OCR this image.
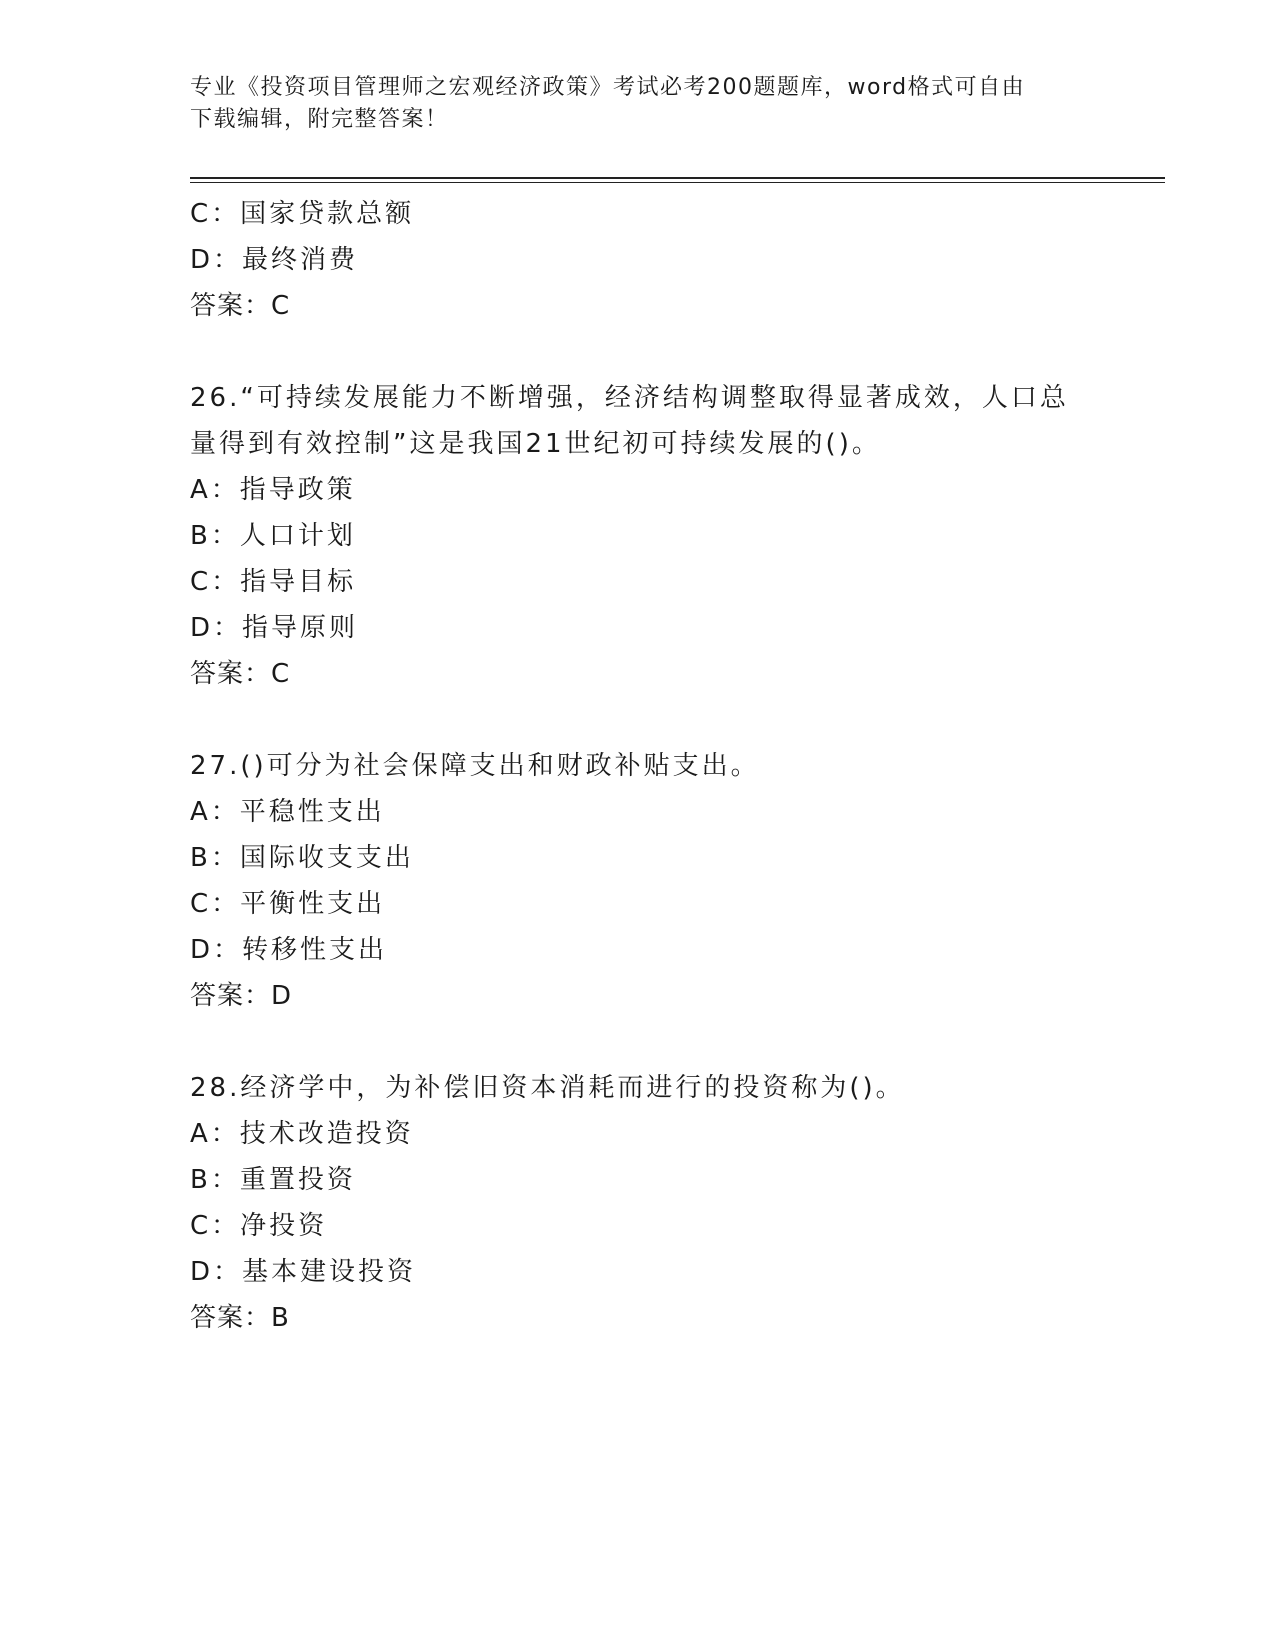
专业《投资项目管理师之宏观经济政策》考试必考200题题库，word格式可自由
下载编辑，附完整答案！
C：国家贷款总额
D：最终消费
答案：C
26.“可持续发展能力不断增强，经济结构调整取得显著成效，人口总
量得到有效控制”这是我国21世纪初可持续发展的()。
A：指导政策
B：人口计划
C：指导目标
D：指导原则
答案：C
27.()可分为社会保障支出和财政补贴支出。
A：平稳性支出
B：国际收支支出
C：平衡性支出
D：转移性支出
答案：D
28.经济学中，为补偿旧资本消耗而进行的投资称为()。
A：技术改造投资
B：重置投资
C：净投资
D：基本建设投资
答案：B
